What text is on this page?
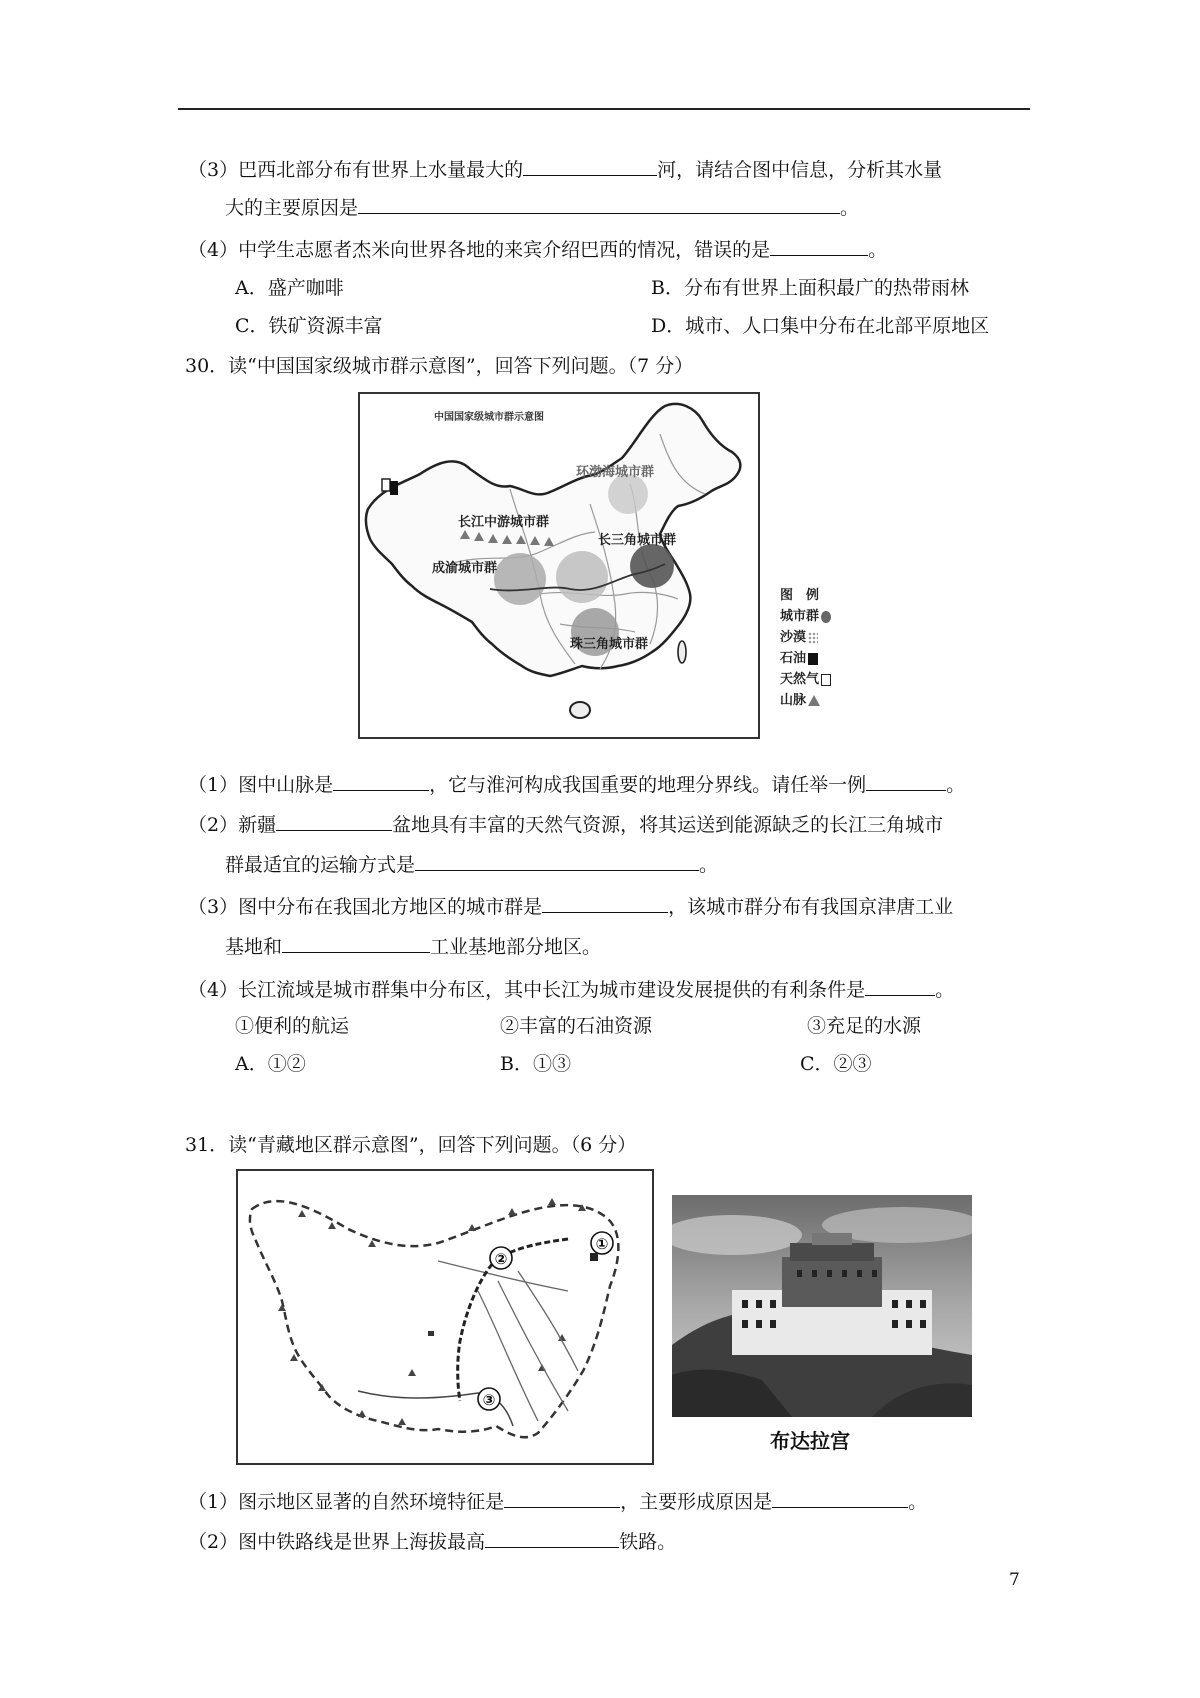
（3）巴西北部分布有世界上水量最大的	河，请结合图中信息，分析其水量
大的主要原因是	。
（4）中学生志愿者杰米向世界各地的来宾介绍巴西的情况，错误的是	。
A．盛产咖啡	B．分布有世界上面积最广的热带雨林
C．铁矿资源丰富	D．城市、人口集中分布在北部平原地区
30．读“中国国家级城市群示意图”，回答下列问题。（7 分）
中国国家级城市群示意图
环渤海城市群
长江中游城市群
长三角城市群
成渝城市群
珠三角城市群
图　例
城市群
沙漠
石油
天然气
山脉
（1）图中山脉是	，它与淮河构成我国重要的地理分界线。请任举一例	。
（2）新疆	盆地具有丰富的天然气资源，将其运送到能源缺乏的长江三角城市
群最适宜的运输方式是	。
（3）图中分布在我国北方地区的城市群是	，该城市群分布有我国京津唐工业
基地和	工业基地部分地区。
（4）长江流域是城市群集中分布区，其中长江为城市建设发展提供的有利条件是	。
①便利的航运	②丰富的石油资源	③充足的水源
A．①②	B．①③	C．②③
31．读“青藏地区群示意图”，回答下列问题。（6 分）
①
②
③
布达拉宫
（1）图示地区显著的自然环境特征是	，主要形成原因是	。
（2）图中铁路线是世界上海拔最高	铁路。
7
